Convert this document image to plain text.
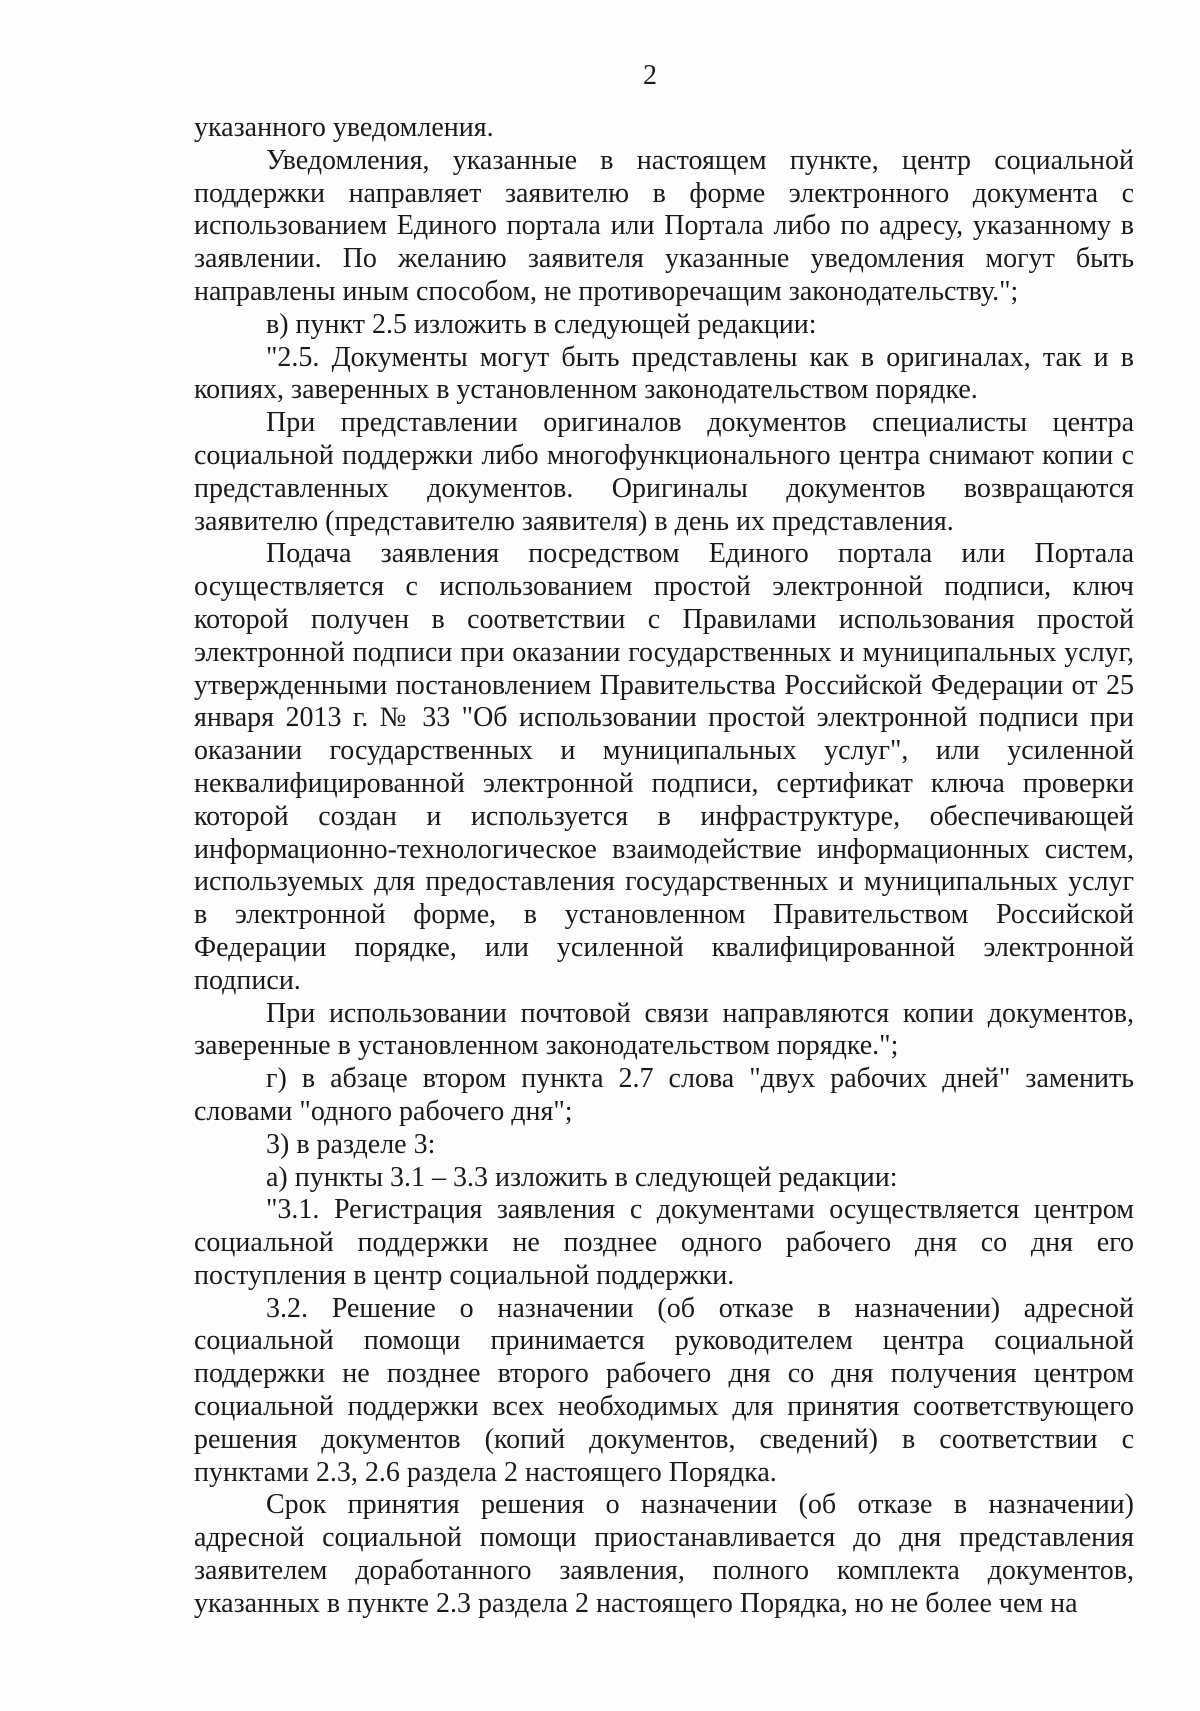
2

указанного уведомления.

Уведомления, указанные в настоящем пункте, центр социальной поддержки направляет заявителю в форме электронного документа с использованием Единого портала или Портала либо по адресу, указанному в заявлении. По желанию заявителя указанные уведомления могут быть направлены иным способом, не противоречащим законодательству.";

в) пункт 2.5 изложить в следующей редакции:

"2.5. Документы могут быть представлены как в оригиналах, так и в копиях, заверенных в установленном законодательством порядке.

При представлении оригиналов документов специалисты центра социальной поддержки либо многофункционального центра снимают копии с представленных документов. Оригиналы документов возвращаются заявителю (представителю заявителя) в день их представления.

Подача заявления посредством Единого портала или Портала осуществляется с использованием простой электронной подписи, ключ которой получен в соответствии с Правилами использования простой электронной подписи при оказании государственных и муниципальных услуг, утвержденными постановлением Правительства Российской Федерации от 25 января 2013 г. № 33 "Об использовании простой электронной подписи при оказании государственных и муниципальных услуг", или усиленной неквалифицированной электронной подписи, сертификат ключа проверки которой создан и используется в инфраструктуре, обеспечивающей информационно-технологическое взаимодействие информационных систем, используемых для предоставления государственных и муниципальных услуг в электронной форме, в установленном Правительством Российской Федерации порядке, или усиленной квалифицированной электронной подписи.

При использовании почтовой связи направляются копии документов, заверенные в установленном законодательством порядке.";

г) в абзаце втором пункта 2.7 слова "двух рабочих дней" заменить словами "одного рабочего дня";

3) в разделе 3:

а) пункты 3.1 – 3.3 изложить в следующей редакции:

"3.1. Регистрация заявления с документами осуществляется центром социальной поддержки не позднее одного рабочего дня со дня его поступления в центр социальной поддержки.

3.2. Решение о назначении (об отказе в назначении) адресной социальной помощи принимается руководителем центра социальной поддержки не позднее второго рабочего дня со дня получения центром социальной поддержки всех необходимых для принятия соответствующего решения документов (копий документов, сведений) в соответствии с пунктами 2.3, 2.6 раздела 2 настоящего Порядка.

Срок принятия решения о назначении (об отказе в назначении) адресной социальной помощи приостанавливается до дня представления заявителем доработанного заявления, полного комплекта документов, указанных в пункте 2.3 раздела 2 настоящего Порядка, но не более чем на
